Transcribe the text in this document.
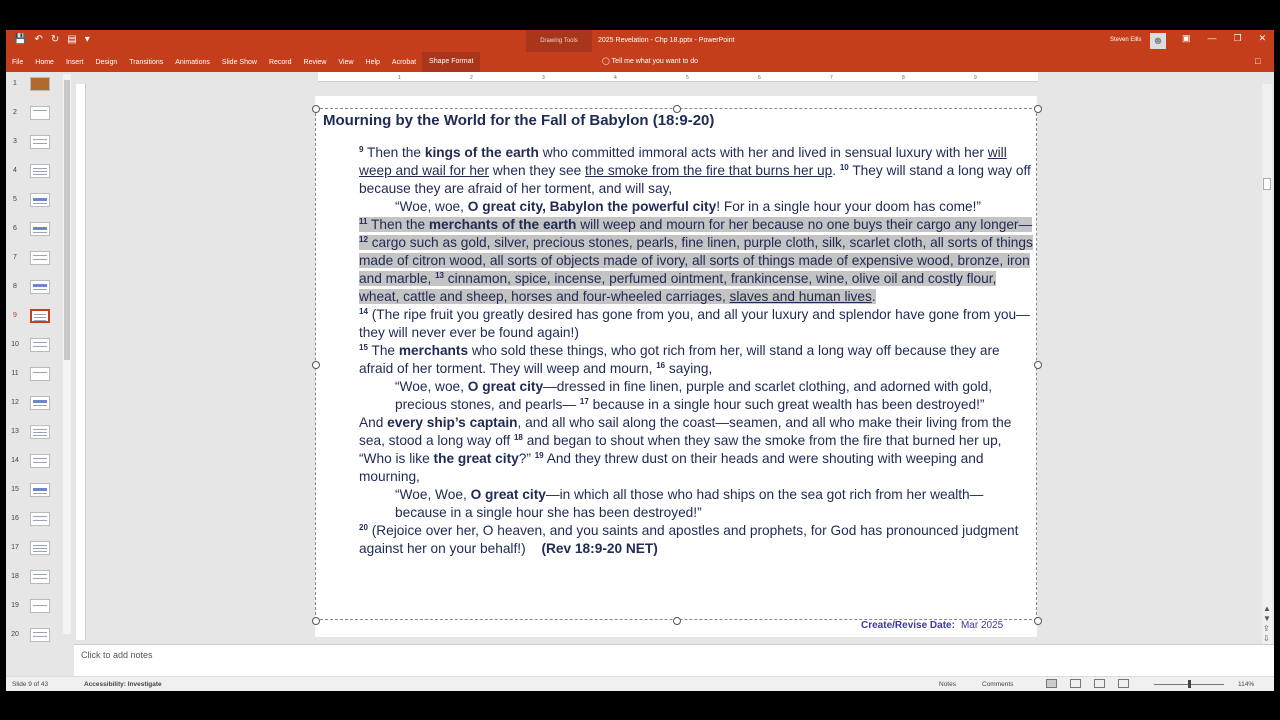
💾 ↶ ↻ ▤ ▾	Drawing Tools	2025 Revelation - Chp 18.pptx - PowerPoint	Steven Ellis ☻ ▣ — ❐ ✕
File	Home	Insert	Design	Transitions	Animations	Slide Show	Record	Review	View	Help	Acrobat	Shape Format	◯ Tell me what you want to do	□
1
2
3
4
5
6
7
8
9
10
11
12
13
14
15
16
17
18
19
20
1	2	3	4	5	6	7	8	9
Mourning by the World for the Fall of Babylon (18:9-20)

$^9$ Then the kings of the earth who committed immoral acts with her and lived in sensual luxury with her will weep and wail for her when they see the smoke from the fire that burns her up. $^{10}$ They will stand a long way off because they are afraid of her torment, and will say,

“Woe, woe, O great city, Babylon the powerful city! For in a single hour your doom has come!”

$^{11}$ Then the merchants of the earth will weep and mourn for her because no one buys their cargo any longer— $^{12}$ cargo such as gold, silver, precious stones, pearls, fine linen, purple cloth, silk, scarlet cloth, all sorts of things made of citron wood, all sorts of objects made of ivory, all sorts of things made of expensive wood, bronze, iron and marble, $^{13}$ cinnamon, spice, incense, perfumed ointment, frankincense, wine, olive oil and costly flour, wheat, cattle and sheep, horses and four-wheeled carriages, slaves and human lives.

$^{14}$ (The ripe fruit you greatly desired has gone from you, and all your luxury and splendor have gone from you— they will never ever be found again!)

$^{15}$ The merchants who sold these things, who got rich from her, will stand a long way off because they are afraid of her torment. They will weep and mourn, $^{16}$ saying,

“Woe, woe, O great city—dressed in fine linen, purple and scarlet clothing, and adorned with gold, precious stones, and pearls— $^{17}$ because in a single hour such great wealth has been destroyed!”

And every ship’s captain, and all who sail along the coast—seamen, and all who make their living from the sea, stood a long way off $^{18}$ and began to shout when they saw the smoke from the fire that burned her up, “Who is like the great city?” $^{19}$ And they threw dust on their heads and were shouting with weeping and mourning,

“Woe, Woe, O great city—in which all those who had ships on the sea got rich from her wealth—because in a single hour she has been destroyed!”

$^{20}$ (Rejoice over her, O heaven, and you saints and apostles and prophets, for God has pronounced judgment against her on your behalf!) (Rev 18:9-20 NET)

Create/Revise Date: Mar 2025
▲
▼
⇪
⇩
Click to add notes
Slide 9 of 43	Accessibility: Investigate	Notes	Comments	114%
